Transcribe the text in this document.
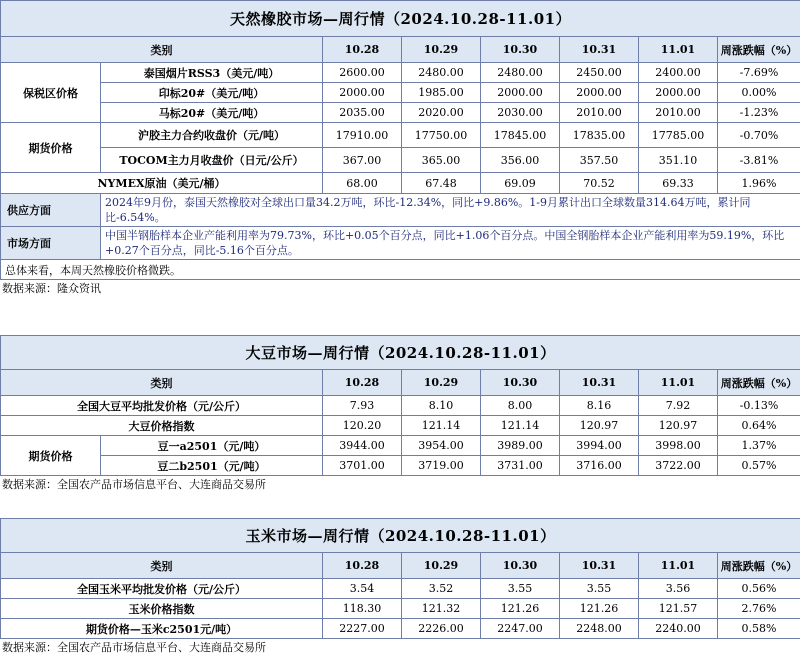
天然橡胶市场—周行情（2024.10.28-11.01）							
类别		10.28	10.29	10.30	10.31	11.01	周涨跌幅（%）
保税区价格	泰国烟片RSS3（美元/吨）	2600.00	2480.00	2480.00	2450.00	2400.00	-7.69%
	印标20#（美元/吨）	2000.00	1985.00	2000.00	2000.00	2000.00	0.00%
	马标20#（美元/吨）	2035.00	2020.00	2030.00	2010.00	2010.00	-1.23%
期货价格	沪胶主力合约收盘价（元/吨）	17910.00	17750.00	17845.00	17835.00	17785.00	-0.70%
	TOCOM主力月收盘价（日元/公斤）	367.00	365.00	356.00	357.50	351.10	-3.81%
NYMEX原油（美元/桶）		68.00	67.48	69.09	70.52	69.33	1.96%
供应方面	2024年9月份，泰国天然橡胶对全球出口量34.2万吨，环比-12.34%，同比+9.86%。1-9月累计出口全球数量314.64万吨，累计同比-6.54%。						
市场方面	中国半钢胎样本企业产能利用率为79.73%，环比+0.05个百分点，同比+1.06个百分点。中国全钢胎样本企业产能利用率为59.19%，环比+0.27个百分点，同比-5.16个百分点。						
总体来看，本周天然橡胶价格微跌。							
数据来源：隆众资讯
大豆市场—周行情（2024.10.28-11.01）							
类别		10.28	10.29	10.30	10.31	11.01	周涨跌幅（%）
全国大豆平均批发价格（元/公斤）		7.93	8.10	8.00	8.16	7.92	-0.13%
大豆价格指数		120.20	121.14	121.14	120.97	120.97	0.64%
期货价格	豆一a2501（元/吨）	3944.00	3954.00	3989.00	3994.00	3998.00	1.37%
	豆二b2501（元/吨）	3701.00	3719.00	3731.00	3716.00	3722.00	0.57%
数据来源：全国农产品市场信息平台、大连商品交易所
玉米市场—周行情（2024.10.28-11.01）						
类别	10.28	10.29	10.30	10.31	11.01	周涨跌幅（%）
全国玉米平均批发价格（元/公斤）	3.54	3.52	3.55	3.55	3.56	0.56%
玉米价格指数	118.30	121.32	121.26	121.26	121.57	2.76%
期货价格—玉米c2501元/吨）	2227.00	2226.00	2247.00	2248.00	2240.00	0.58%
数据来源：全国农产品市场信息平台、大连商品交易所
